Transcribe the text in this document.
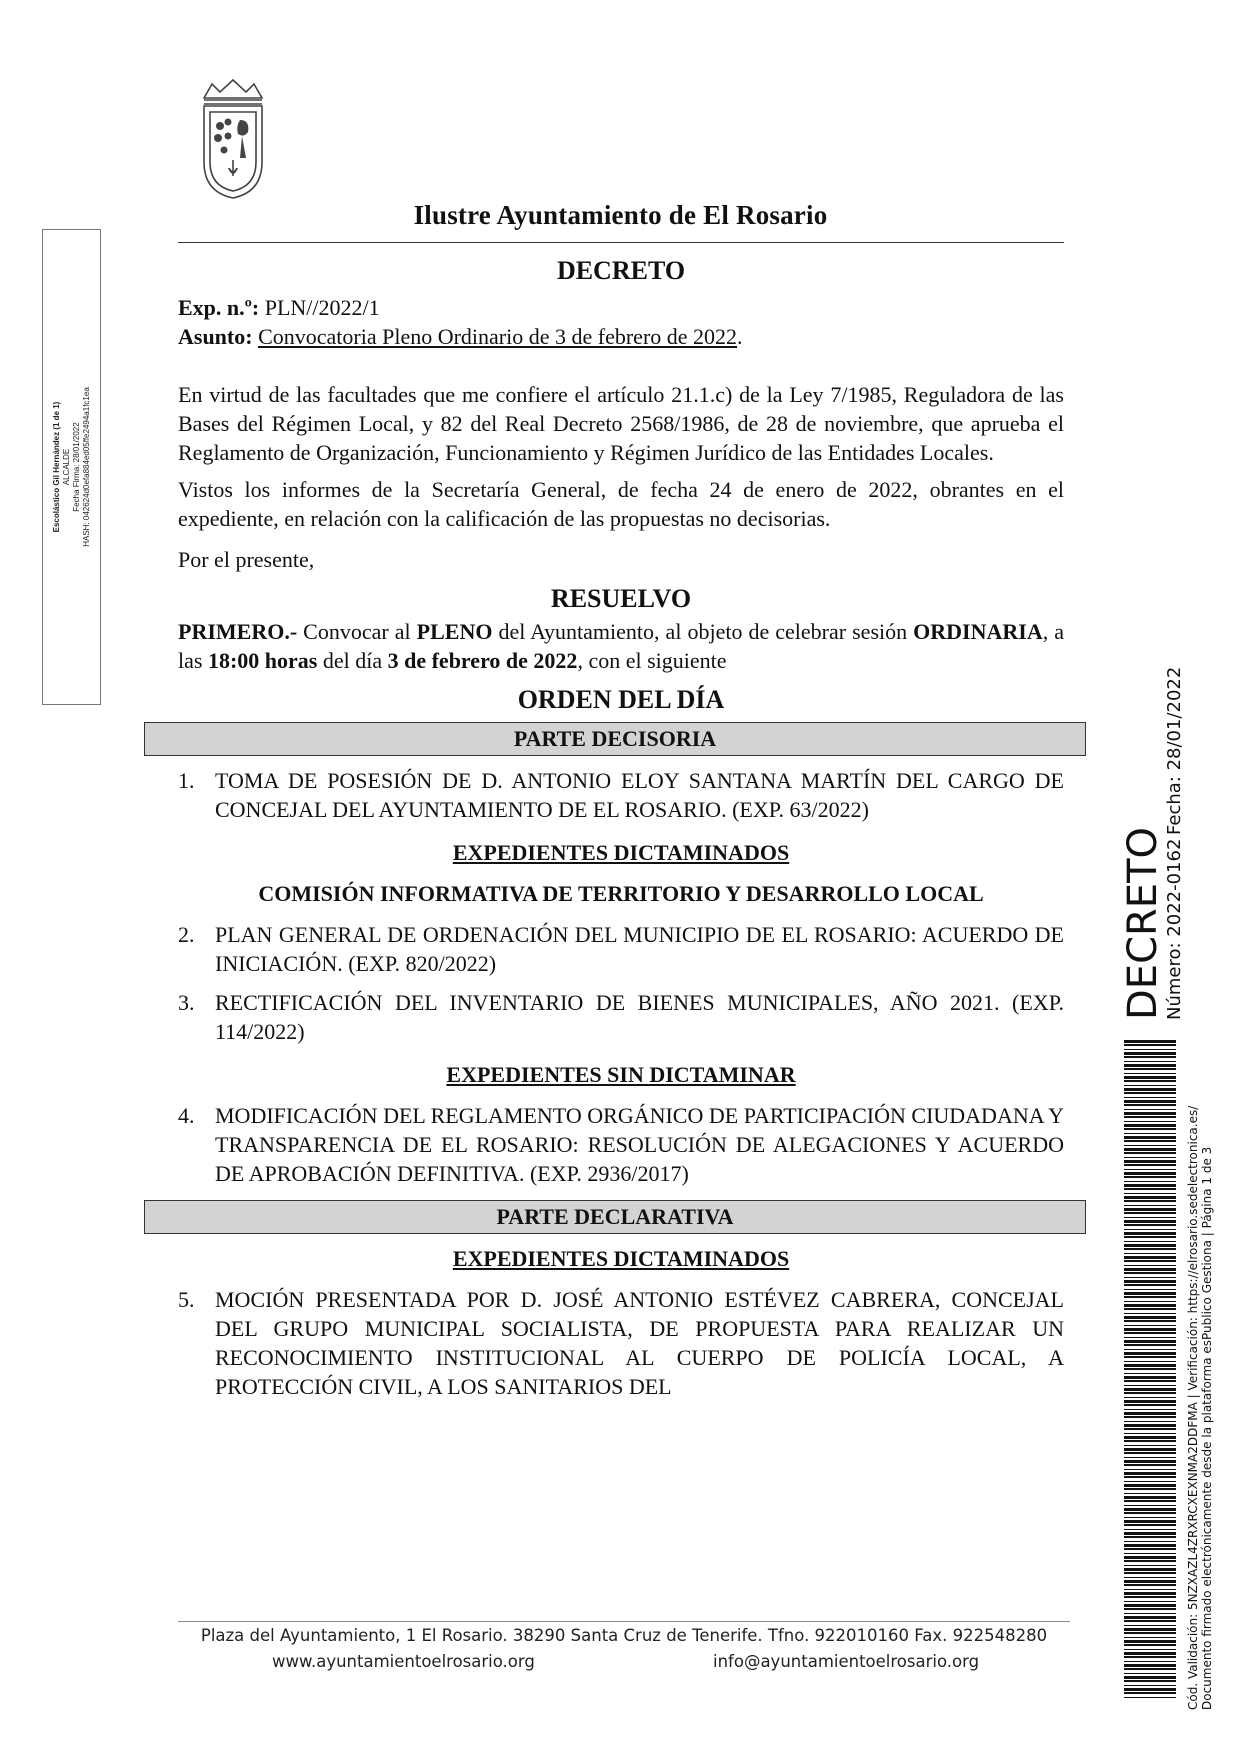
Ilustre Ayuntamiento de El Rosario
DECRETO

Exp. n.º: PLN//2022/1

Asunto: Convocatoria Pleno Ordinario de 3 de febrero de 2022.

En virtud de las facultades que me confiere el artículo 21.1.c) de la Ley 7/1985, Reguladora de las Bases del Régimen Local, y 82 del Real Decreto 2568/1986, de 28 de noviembre, que aprueba el Reglamento de Organización, Funcionamiento y Régimen Jurídico de las Entidades Locales.

Vistos los informes de la Secretaría General, de fecha 24 de enero de 2022, obrantes en el expediente, en relación con la calificación de las propuestas no decisorias.

Por el presente,

RESUELVO

PRIMERO.- Convocar al PLENO del Ayuntamiento, al objeto de celebrar sesión ORDINARIA, a las 18:00 horas del día 3 de febrero de 2022, con el siguiente

ORDEN DEL DÍA
PARTE DECISORIA
1. TOMA DE POSESIÓN DE D. ANTONIO ELOY SANTANA MARTÍN DEL CARGO DE CONCEJAL DEL AYUNTAMIENTO DE EL ROSARIO. (EXP. 63/2022)
EXPEDIENTES DICTAMINADOS
COMISIÓN INFORMATIVA DE TERRITORIO Y DESARROLLO LOCAL
2. PLAN GENERAL DE ORDENACIÓN DEL MUNICIPIO DE EL ROSARIO: ACUERDO DE INICIACIÓN. (EXP. 820/2022)
3. RECTIFICACIÓN DEL INVENTARIO DE BIENES MUNICIPALES, AÑO 2021. (EXP. 114/2022)
EXPEDIENTES SIN DICTAMINAR
4. MODIFICACIÓN DEL REGLAMENTO ORGÁNICO DE PARTICIPACIÓN CIUDADANA Y TRANSPARENCIA DE EL ROSARIO: RESOLUCIÓN DE ALEGACIONES Y ACUERDO DE APROBACIÓN DEFINITIVA. (EXP. 2936/2017)
PARTE DECLARATIVA
EXPEDIENTES DICTAMINADOS
5. MOCIÓN PRESENTADA POR D. JOSÉ ANTONIO ESTÉVEZ CABRERA, CONCEJAL DEL GRUPO MUNICIPAL SOCIALISTA, DE PROPUESTA PARA REALIZAR UN RECONOCIMIENTO INSTITUCIONAL AL CUERPO DE POLICÍA LOCAL, A PROTECCIÓN CIVIL, A LOS SANITARIOS DEL
Plaza del Ayuntamiento, 1 El Rosario. 38290 Santa Cruz de Tenerife. Tfno. 922010160 Fax. 922548280
www.ayuntamientoelrosario.org	info@ayuntamientoelrosario.org
Escolástico Gil Hernández (1 de 1) ALCALDE Fecha Firma: 28/01/2022 HASH: 042624d0efa884ed05ffe2494a1fc1ea
DECRETO
Número: 2022-0162
Fecha: 28/01/2022
Cód. Validación: 5NZXAZL4ZRXRCXEXNMA2DDFMA | Verificación: https://elrosario.sedelectronica.es/ Documento firmado electrónicamente desde la plataforma esPublico Gestiona | Página 1 de 3
